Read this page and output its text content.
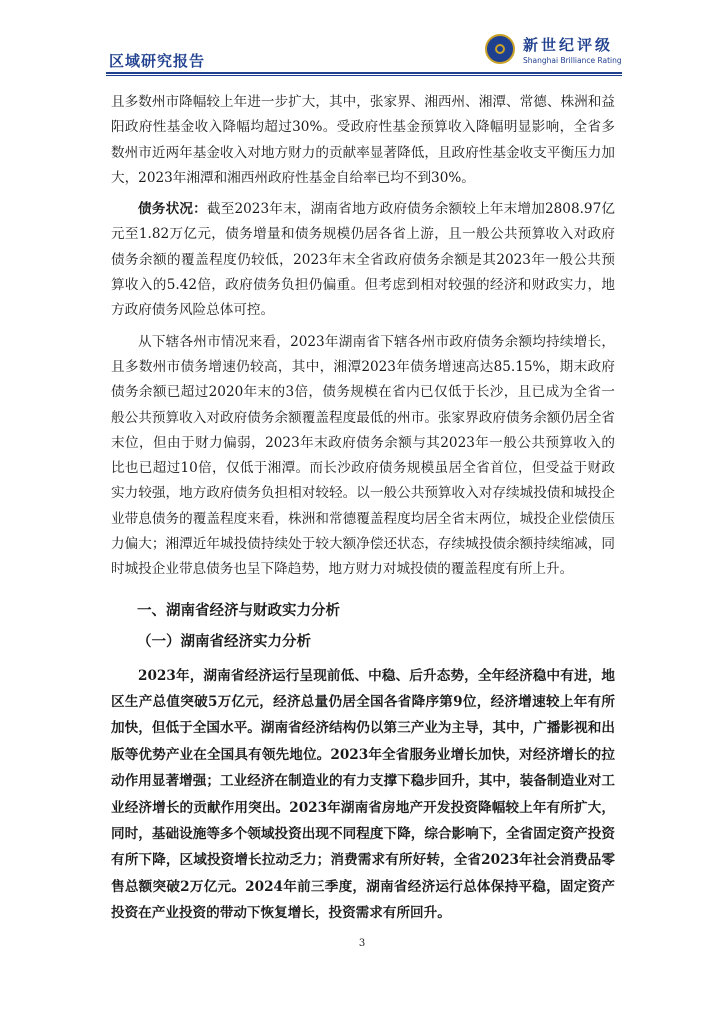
区域研究报告
新世纪评级
Shanghai Brilliance Rating

且多数州市降幅较上年进一步扩大，其中，张家界、湘西州、湘潭、常德、株洲和益阳政府性基金收入降幅均超过30%。受政府性基金预算收入降幅明显影响，全省多数州市近两年基金收入对地方财力的贡献率显著降低，且政府性基金收支平衡压力加大，2023年湘潭和湘西州政府性基金自给率已均不到30%。

债务状况：截至2023年末，湖南省地方政府债务余额较上年末增加2808.97亿元至1.82万亿元，债务增量和债务规模仍居各省上游，且一般公共预算收入对政府债务余额的覆盖程度仍较低，2023年末全省政府债务余额是其2023年一般公共预算收入的5.42倍，政府债务负担仍偏重。但考虑到相对较强的经济和财政实力，地方政府债务风险总体可控。

从下辖各州市情况来看，2023年湖南省下辖各州市政府债务余额均持续增长，且多数州市债务增速仍较高，其中，湘潭2023年债务增速高达85.15%，期末政府债务余额已超过2020年末的3倍，债务规模在省内已仅低于长沙，且已成为全省一般公共预算收入对政府债务余额覆盖程度最低的州市。张家界政府债务余额仍居全省末位，但由于财力偏弱，2023年末政府债务余额与其2023年一般公共预算收入的比也已超过10倍，仅低于湘潭。而长沙政府债务规模虽居全省首位，但受益于财政实力较强，地方政府债务负担相对较轻。以一般公共预算收入对存续城投债和城投企业带息债务的覆盖程度来看，株洲和常德覆盖程度均居全省末两位，城投企业偿债压力偏大；湘潭近年城投债持续处于较大额净偿还状态，存续城投债余额持续缩减，同时城投企业带息债务也呈下降趋势，地方财力对城投债的覆盖程度有所上升。

一、湖南省经济与财政实力分析
（一）湖南省经济实力分析

2023年，湖南省经济运行呈现前低、中稳、后升态势，全年经济稳中有进，地区生产总值突破5万亿元，经济总量仍居全国各省降序第9位，经济增速较上年有所加快，但低于全国水平。湖南省经济结构仍以第三产业为主导，其中，广播影视和出版等优势产业在全国具有领先地位。2023年全省服务业增长加快，对经济增长的拉动作用显著增强；工业经济在制造业的有力支撑下稳步回升，其中，装备制造业对工业经济增长的贡献作用突出。2023年湖南省房地产开发投资降幅较上年有所扩大，同时，基础设施等多个领域投资出现不同程度下降，综合影响下，全省固定资产投资有所下降，区域投资增长拉动乏力；消费需求有所好转，全省2023年社会消费品零售总额突破2万亿元。2024年前三季度，湖南省经济运行总体保持平稳，固定资产投资在产业投资的带动下恢复增长，投资需求有所回升。

3
